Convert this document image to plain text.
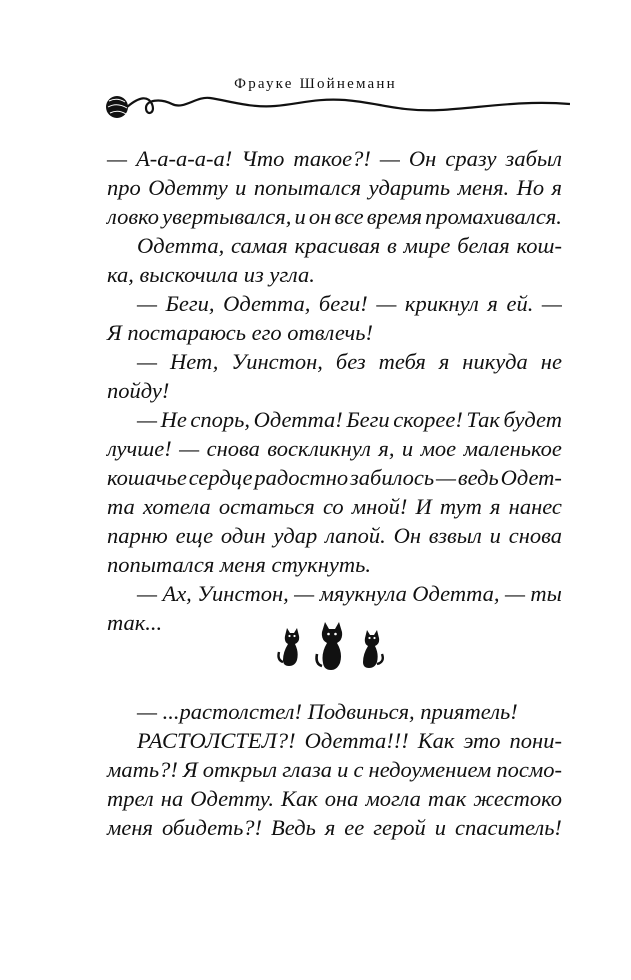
Фрауке Шойнеманн
— А-а-а-а-а! Что такое?! — Он сразу забыл
про Одетту и попытался ударить меня. Но я
ловко увертывался, и он все время промахивался.
Одетта, самая красивая в мире белая кош-
ка, выскочила из угла.
— Беги, Одетта, беги! — крикнул я ей. —
Я постараюсь его отвлечь!
— Нет, Уинстон, без тебя я никуда не
пойду!
— Не спорь, Одетта! Беги скорее! Так будет
лучше! — снова воскликнул я, и мое маленькое
кошачье сердце радостно забилось — ведь Одет-
та хотела остаться со мной! И тут я нанес
парню еще один удар лапой. Он взвыл и снова
попытался меня стукнуть.
— Ах, Уинстон, — мяукнула Одетта, — ты
так...
— ...растолстел! Подвинься, приятель!
РАСТОЛСТЕЛ?! Одетта!!! Как это пони-
мать?! Я открыл глаза и с недоумением посмо-
трел на Одетту. Как она могла так жестоко
меня обидеть?! Ведь я ее герой и спаситель!
